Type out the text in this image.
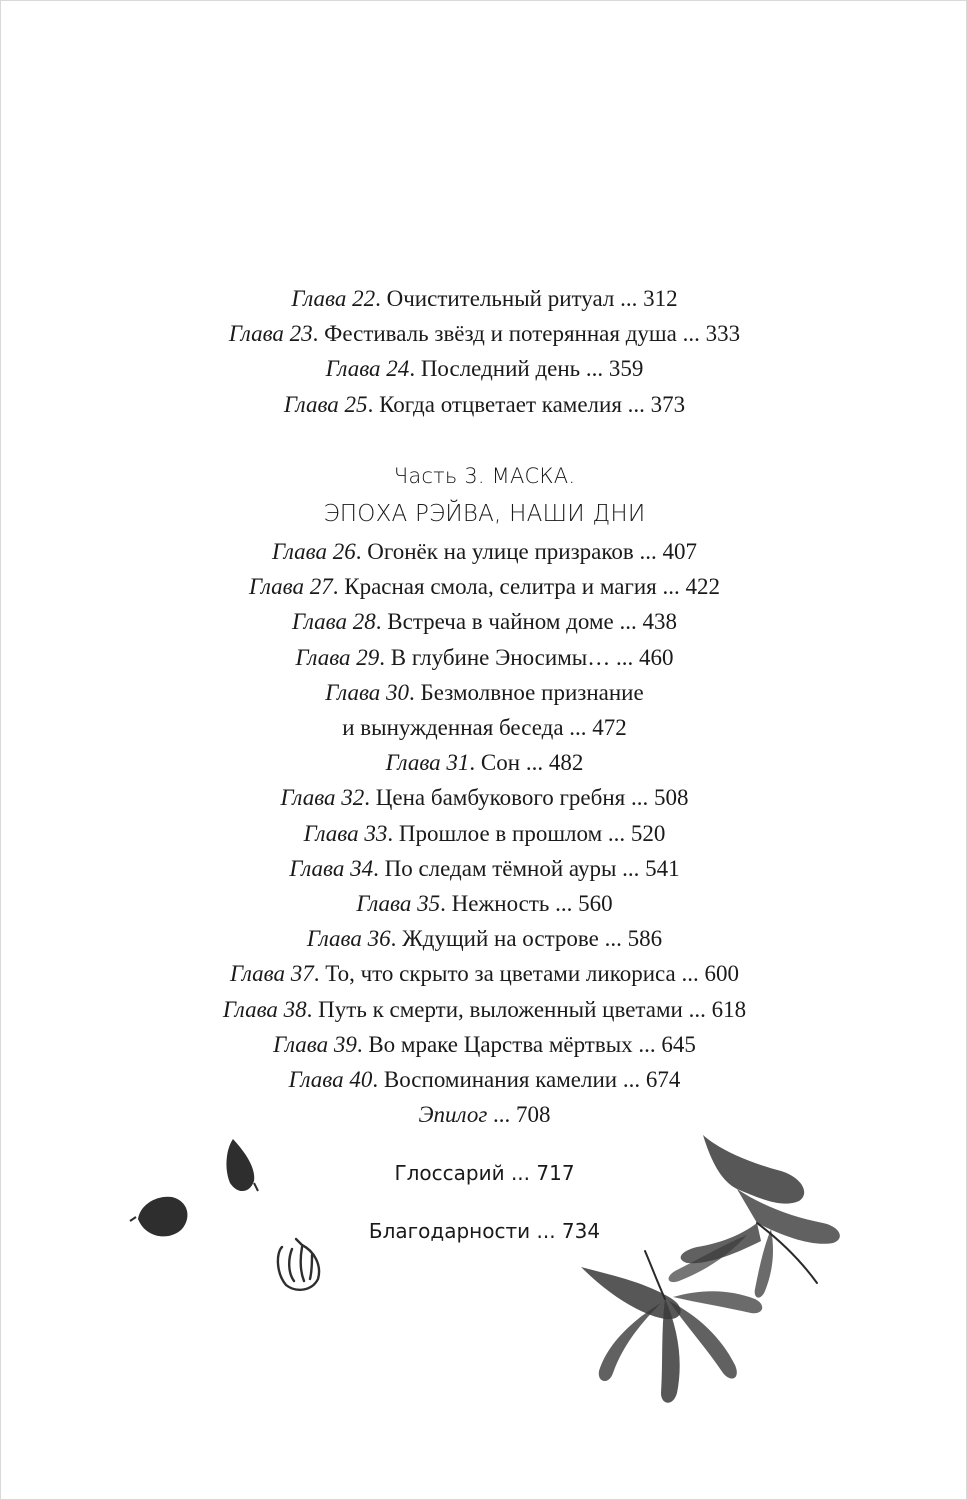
Глава 22. Очистительный ритуал ... 312
Глава 23. Фестиваль звёзд и потерянная душа ... 333
Глава 24. Последний день ... 359
Глава 25. Когда отцветает камелия ... 373
Часть 3. МАСКА.
ЭПОХА РЭЙВА, НАШИ ДНИ
Глава 26. Огонёк на улице призраков ... 407
Глава 27. Красная смола, селитра и магия ... 422
Глава 28. Встреча в чайном доме ... 438
Глава 29. В глубине Эносимы… ... 460
Глава 30. Безмолвное признание
и вынужденная беседа ... 472
Глава 31. Сон ... 482
Глава 32. Цена бамбукового гребня ... 508
Глава 33. Прошлое в прошлом ... 520
Глава 34. По следам тёмной ауры ... 541
Глава 35. Нежность ... 560
Глава 36. Ждущий на острове ... 586
Глава 37. То, что скрыто за цветами ликориса ... 600
Глава 38. Путь к смерти, выложенный цветами ... 618
Глава 39. Во мраке Царства мёртвых ... 645
Глава 40. Воспоминания камелии ... 674
Эпилог ... 708
Глоссарий ... 717
Благодарности ... 734
